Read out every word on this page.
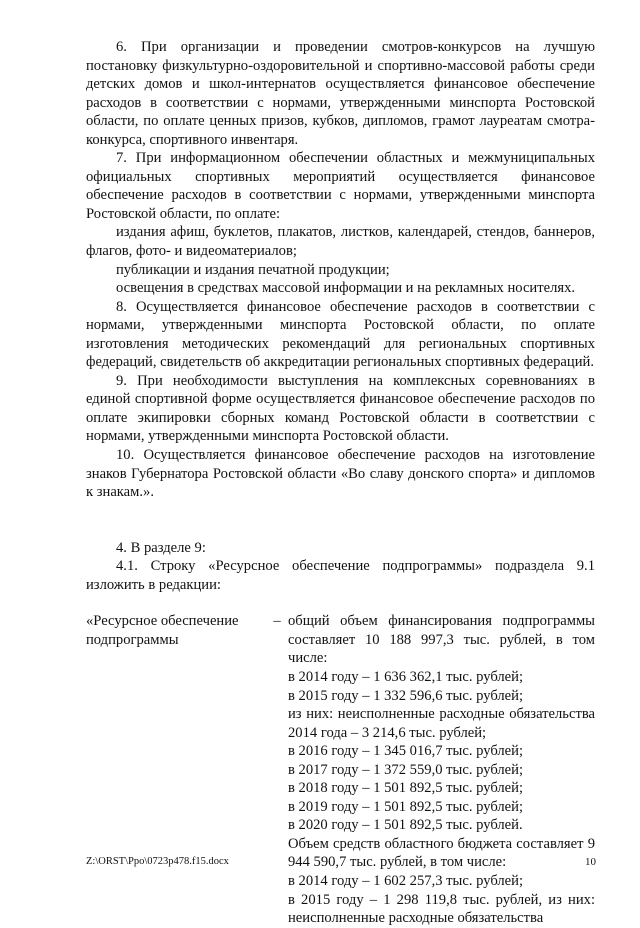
6. При организации и проведении смотров-конкурсов на лучшую постановку физкультурно-оздоровительной и спортивно-массовой работы среди детских домов и школ-интернатов осуществляется финансовое обеспечение расходов в соответствии с нормами, утвержденными минспорта Ростовской области, по оплате ценных призов, кубков, дипломов, грамот лауреатам смотра-конкурса, спортивного инвентаря.

7. При информационном обеспечении областных и межмуниципальных официальных спортивных мероприятий осуществляется финансовое обеспечение расходов в соответствии с нормами, утвержденными минспорта Ростовской области, по оплате:

издания афиш, буклетов, плакатов, листков, календарей, стендов, баннеров, флагов, фото- и видеоматериалов;

публикации и издания печатной продукции;

освещения в средствах массовой информации и на рекламных носителях.

8. Осуществляется финансовое обеспечение расходов в соответствии с нормами, утвержденными минспорта Ростовской области, по оплате изготовления методических рекомендаций для региональных спортивных федераций, свидетельств об аккредитации региональных спортивных федераций.

9. При необходимости выступления на комплексных соревнованиях в единой спортивной форме осуществляется финансовое обеспечение расходов по оплате экипировки сборных команд Ростовской области в соответствии с нормами, утвержденными минспорта Ростовской области.

10. Осуществляется финансовое обеспечение расходов на изготовление знаков Губернатора Ростовской области «Во славу донского спорта» и дипломов к знакам.».

4. В разделе 9:

4.1. Строку «Ресурсное обеспечение подпрограммы» подраздела 9.1 изложить в редакции:

«Ресурсное обеспечение подпрограммы	–	общий объем финансирования подпрограммы составляет 10 188 997,3 тыс. рублей, в том числе:
в 2014 году – 1 636 362,1 тыс. рублей;
в 2015 году – 1 332 596,6 тыс. рублей;
из них: неисполненные расходные обязательства 2014 года – 3 214,6 тыс. рублей;
в 2016 году – 1 345 016,7 тыс. рублей;
в 2017 году – 1 372 559,0 тыс. рублей;
в 2018 году – 1 501 892,5 тыс. рублей;
в 2019 году – 1 501 892,5 тыс. рублей;
в 2020 году – 1 501 892,5 тыс. рублей.
Объем средств областного бюджета составляет 9 944 590,7 тыс. рублей, в том числе:
в 2014 году – 1 602 257,3 тыс. рублей;
в 2015 году – 1 298 119,8 тыс. рублей, из них: неисполненные расходные обязательства
Z:\ORST\Ppo\0723p478.f15.docx	10
